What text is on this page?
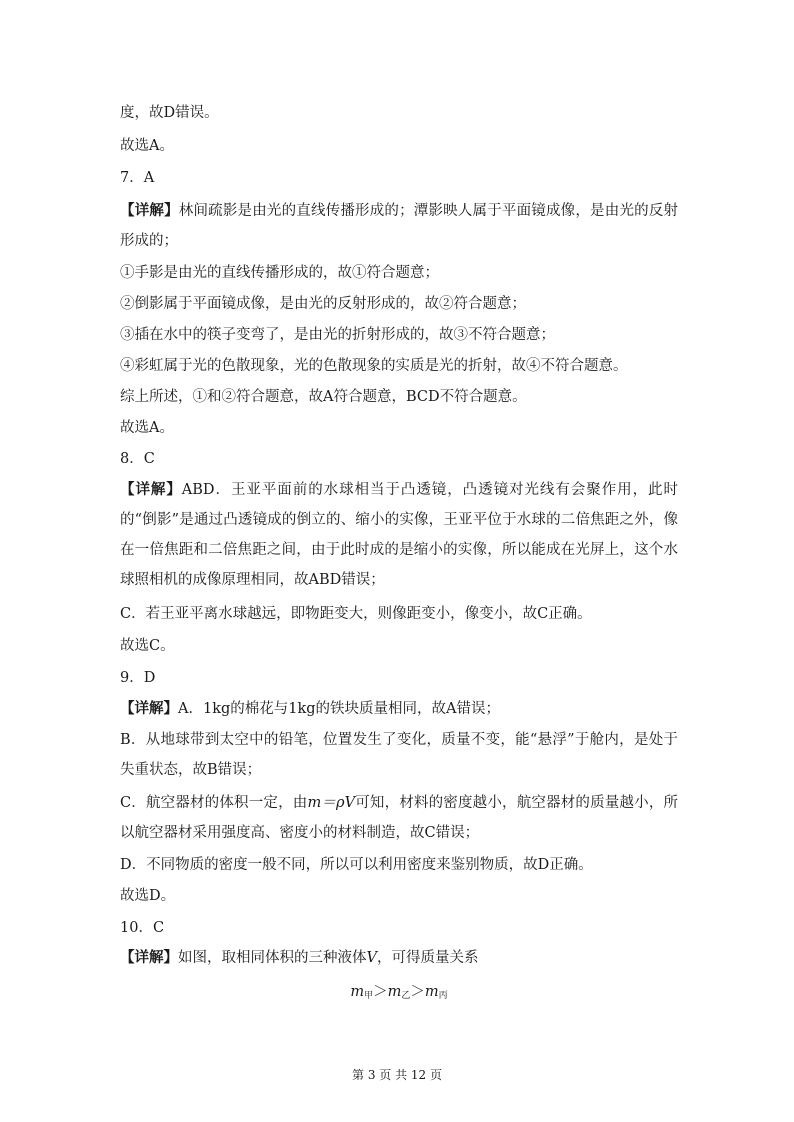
度，故D错误。
故选A。
7．A
【详解】林间疏影是由光的直线传播形成的；潭影映人属于平面镜成像，是由光的反射形成的；
①手影是由光的直线传播形成的，故①符合题意；
②倒影属于平面镜成像，是由光的反射形成的，故②符合题意；
③插在水中的筷子变弯了，是由光的折射形成的，故③不符合题意；
④彩虹属于光的色散现象，光的色散现象的实质是光的折射，故④不符合题意。
综上所述，①和②符合题意，故A符合题意，BCD不符合题意。
故选A。
8．C
【详解】ABD．王亚平面前的水球相当于凸透镜，凸透镜对光线有会聚作用，此时的“倒影”是通过凸透镜成的倒立的、缩小的实像，王亚平位于水球的二倍焦距之外，像在一倍焦距和二倍焦距之间，由于此时成的是缩小的实像，所以能成在光屏上，这个水球照相机的成像原理相同，故ABD错误；
C．若王亚平离水球越远，即物距变大，则像距变小，像变小，故C正确。
故选C。
9．D
【详解】A．1kg的棉花与1kg的铁块质量相同，故A错误；
B．从地球带到太空中的铅笔，位置发生了变化，质量不变，能“悬浮”于舱内，是处于失重状态，故B错误；
C．航空器材的体积一定，由m＝ρV可知，材料的密度越小，航空器材的质量越小，所以航空器材采用强度高、密度小的材料制造，故C错误；
D．不同物质的密度一般不同，所以可以利用密度来鉴别物质，故D正确。
故选D。
10．C
【详解】如图，取相同体积的三种液体V，可得质量关系
$m_甲>m_乙>m_丙$
第 3 页 共 12 页
